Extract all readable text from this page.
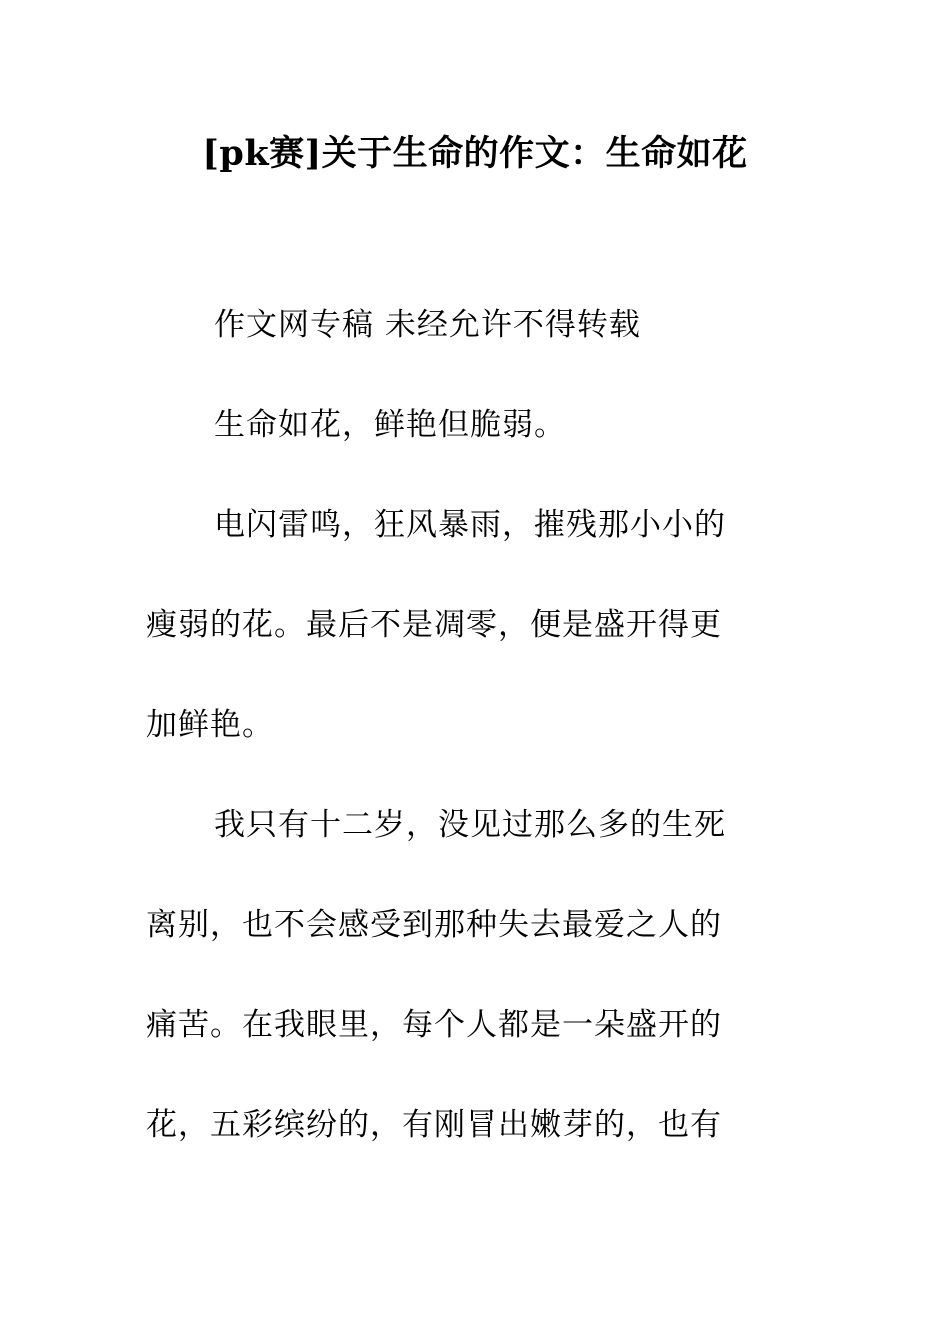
[pk赛]关于生命的作文：生命如花
作文网专稿 未经允许不得转载
生命如花，鲜艳但脆弱。
电闪雷鸣，狂风暴雨，摧残那小小的
瘦弱的花。最后不是凋零，便是盛开得更
加鲜艳。
我只有十二岁，没见过那么多的生死
离别，也不会感受到那种失去最爱之人的
痛苦。在我眼里，每个人都是一朵盛开的
花，五彩缤纷的，有刚冒出嫩芽的，也有
